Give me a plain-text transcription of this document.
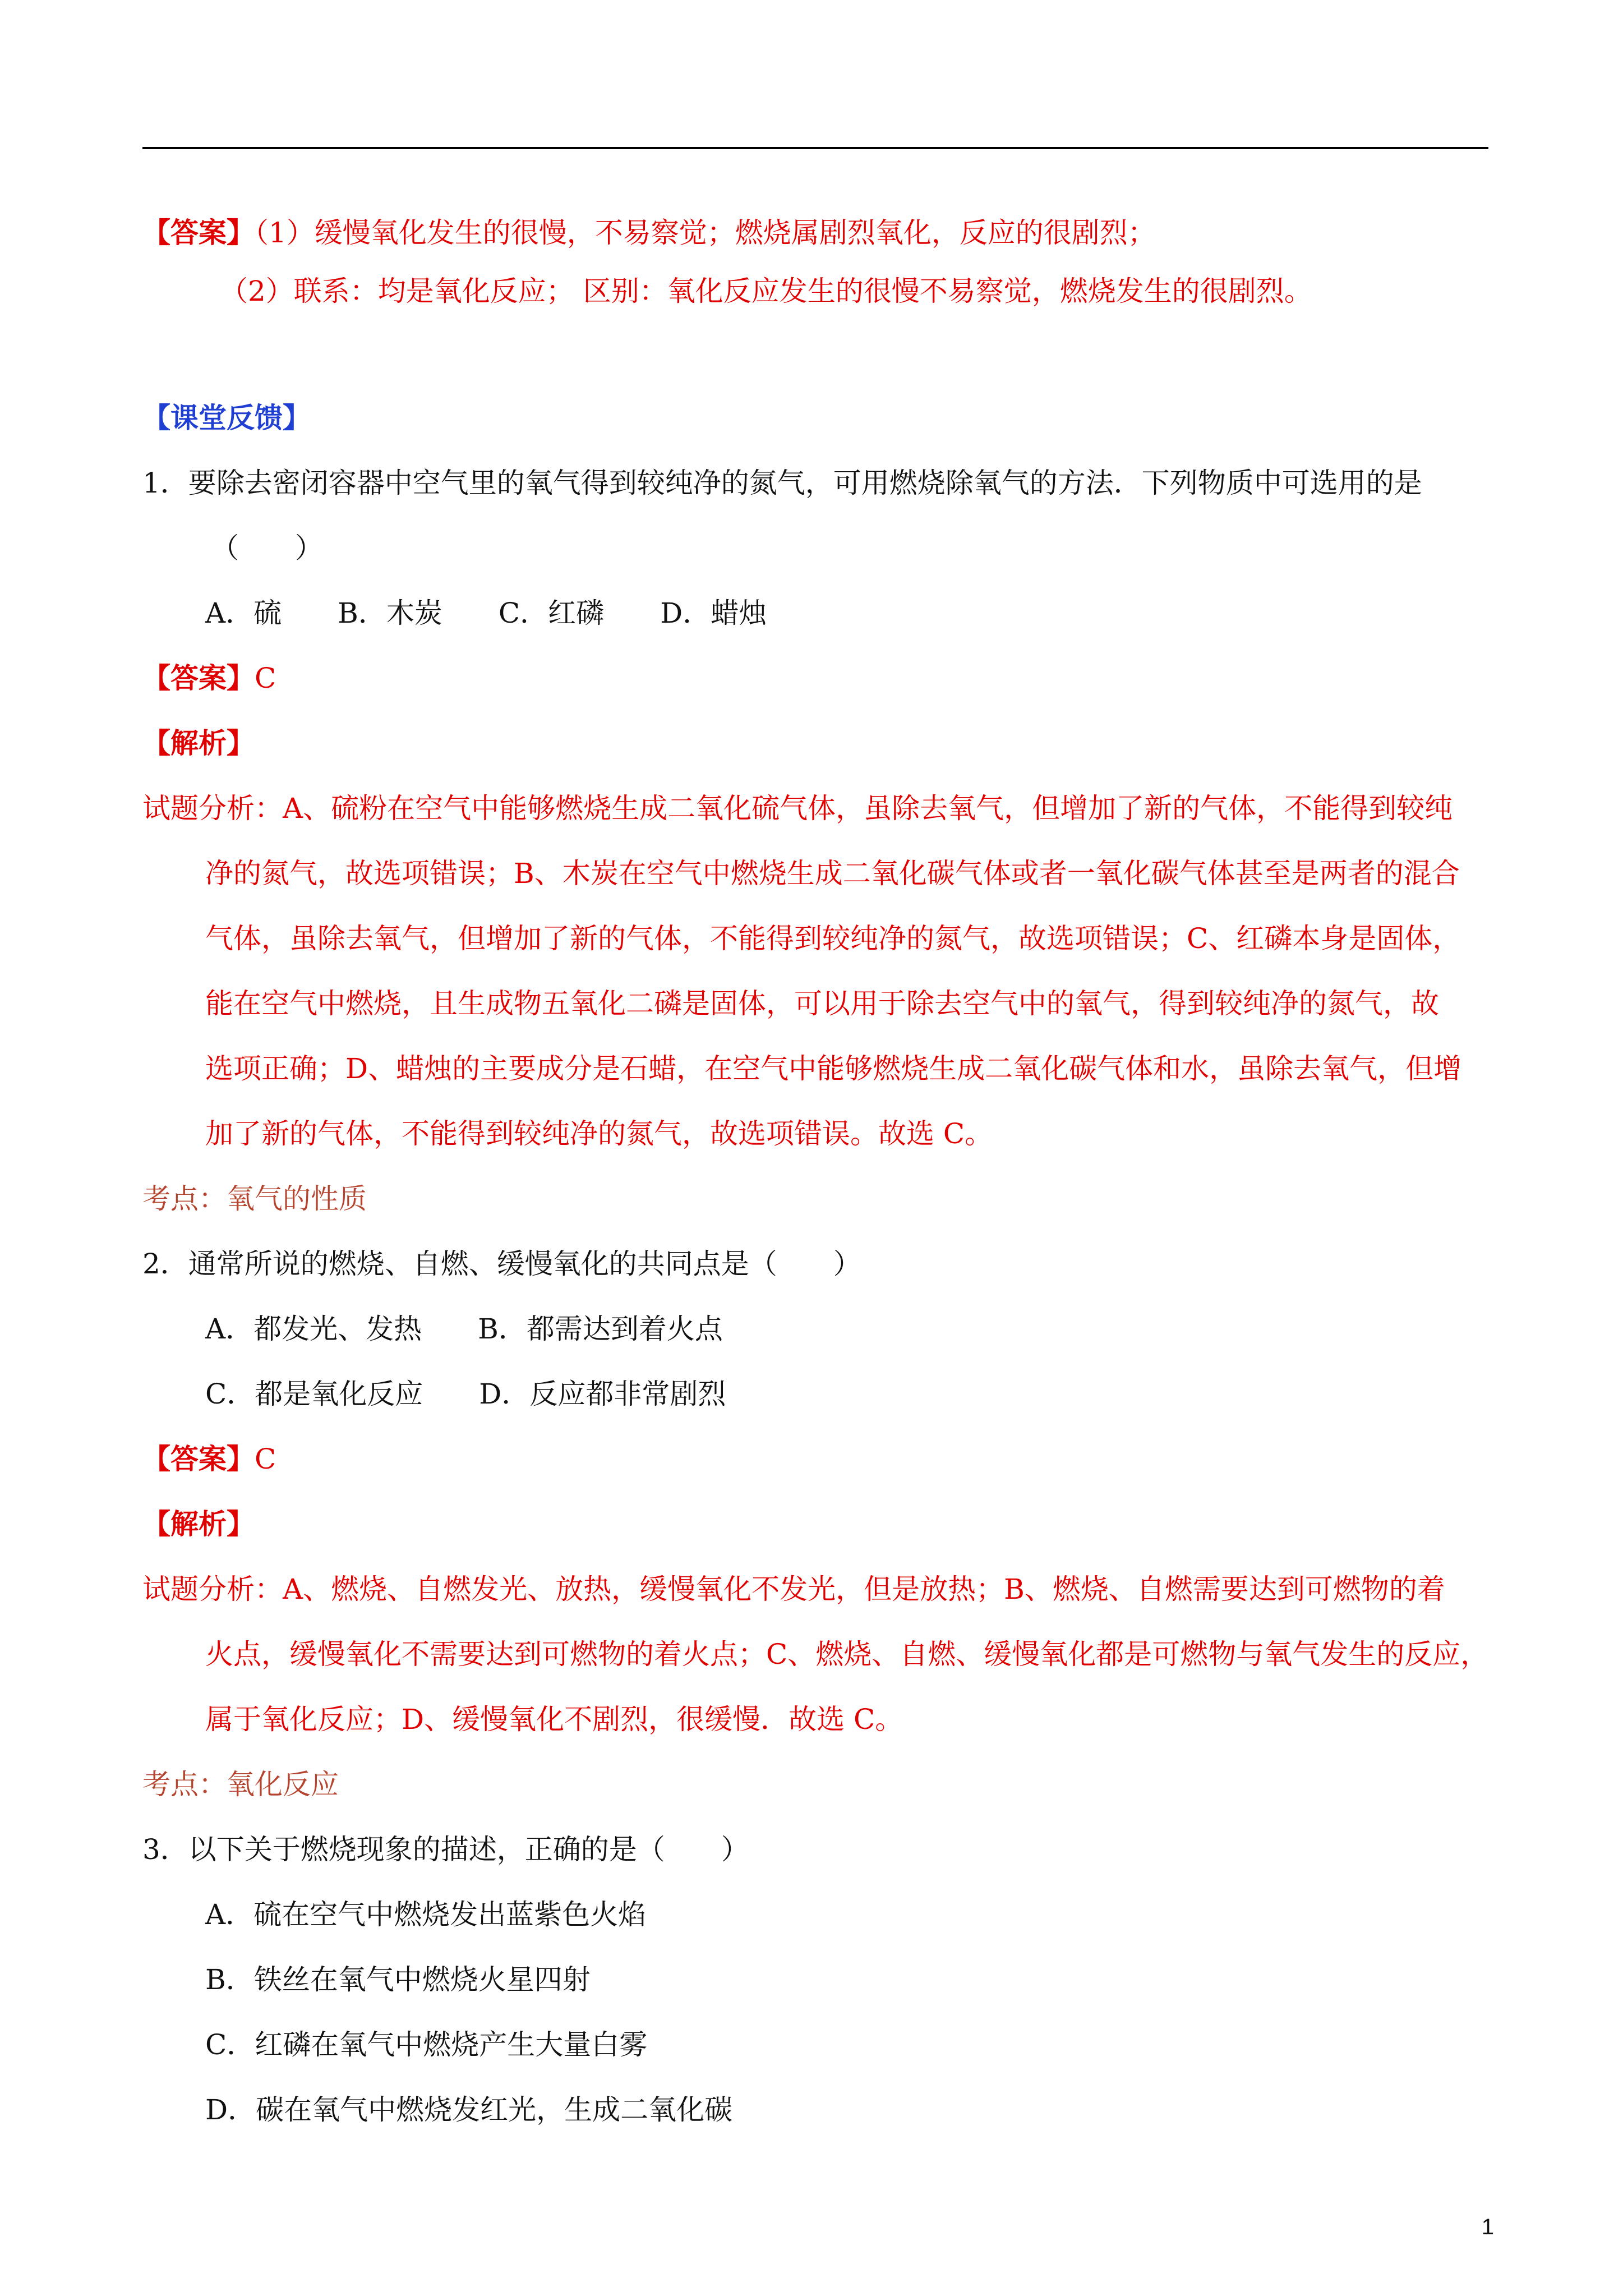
【答案】（1）缓慢氧化发生的很慢，不易察觉；燃烧属剧烈氧化，反应的很剧烈；
（2）联系：均是氧化反应； 区别：氧化反应发生的很慢不易察觉，燃烧发生的很剧烈。
【课堂反馈】
1．要除去密闭容器中空气里的氧气得到较纯净的氮气，可用燃烧除氧气的方法．下列物质中可选用的是
（　　）
A．硫　　B．木炭　　C．红磷　　D．蜡烛
【答案】C
【解析】
试题分析：A、硫粉在空气中能够燃烧生成二氧化硫气体，虽除去氧气，但增加了新的气体，不能得到较纯
净的氮气，故选项错误；B、木炭在空气中燃烧生成二氧化碳气体或者一氧化碳气体甚至是两者的混合
气体，虽除去氧气，但增加了新的气体，不能得到较纯净的氮气，故选项错误；C、红磷本身是固体，
能在空气中燃烧，且生成物五氧化二磷是固体，可以用于除去空气中的氧气，得到较纯净的氮气，故
选项正确；D、蜡烛的主要成分是石蜡，在空气中能够燃烧生成二氧化碳气体和水，虽除去氧气，但增
加了新的气体，不能得到较纯净的氮气，故选项错误。故选 C。
考点：氧气的性质
2．通常所说的燃烧、自燃、缓慢氧化的共同点是（　　）
A．都发光、发热　　B．都需达到着火点
C．都是氧化反应　　D．反应都非常剧烈
【答案】C
【解析】
试题分析：A、燃烧、自燃发光、放热，缓慢氧化不发光，但是放热；B、燃烧、自燃需要达到可燃物的着
火点，缓慢氧化不需要达到可燃物的着火点；C、燃烧、自燃、缓慢氧化都是可燃物与氧气发生的反应，
属于氧化反应；D、缓慢氧化不剧烈，很缓慢．故选 C。
考点：氧化反应
3．以下关于燃烧现象的描述，正确的是（　　）
A．硫在空气中燃烧发出蓝紫色火焰
B．铁丝在氧气中燃烧火星四射
C．红磷在氧气中燃烧产生大量白雾
D．碳在氧气中燃烧发红光，生成二氧化碳
1
